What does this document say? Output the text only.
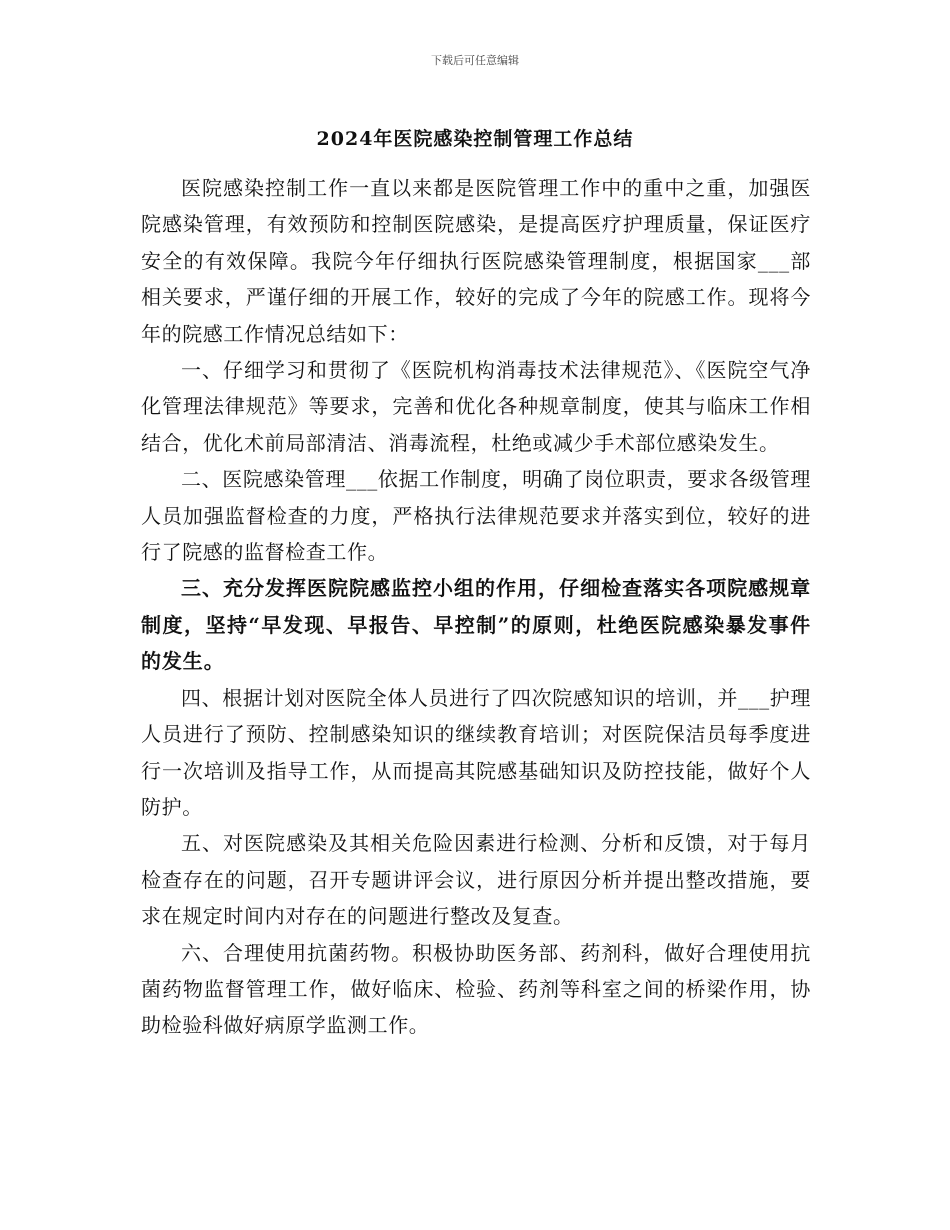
下载后可任意编辑
2024年医院感染控制管理工作总结

医院感染控制工作一直以来都是医院管理工作中的重中之重，加强医院感染管理，有效预防和控制医院感染，是提高医疗护理质量，保证医疗安全的有效保障。我院今年仔细执行医院感染管理制度，根据国家___部相关要求，严谨仔细的开展工作，较好的完成了今年的院感工作。现将今年的院感工作情况总结如下：

一、仔细学习和贯彻了《医院机构消毒技术法律规范》、《医院空气净化管理法律规范》等要求，完善和优化各种规章制度，使其与临床工作相结合，优化术前局部清洁、消毒流程，杜绝或减少手术部位感染发生。

二、医院感染管理___依据工作制度，明确了岗位职责，要求各级管理人员加强监督检查的力度，严格执行法律规范要求并落实到位，较好的进行了院感的监督检查工作。

三、充分发挥医院院感监控小组的作用，仔细检查落实各项院感规章制度，坚持“早发现、早报告、早控制”的原则，杜绝医院感染暴发事件的发生。

四、根据计划对医院全体人员进行了四次院感知识的培训，并___护理人员进行了预防、控制感染知识的继续教育培训；对医院保洁员每季度进行一次培训及指导工作，从而提高其院感基础知识及防控技能，做好个人防护。

五、对医院感染及其相关危险因素进行检测、分析和反馈，对于每月检查存在的问题，召开专题讲评会议，进行原因分析并提出整改措施，要求在规定时间内对存在的问题进行整改及复查。

六、合理使用抗菌药物。积极协助医务部、药剂科，做好合理使用抗菌药物监督管理工作，做好临床、检验、药剂等科室之间的桥梁作用，协助检验科做好病原学监测工作。
